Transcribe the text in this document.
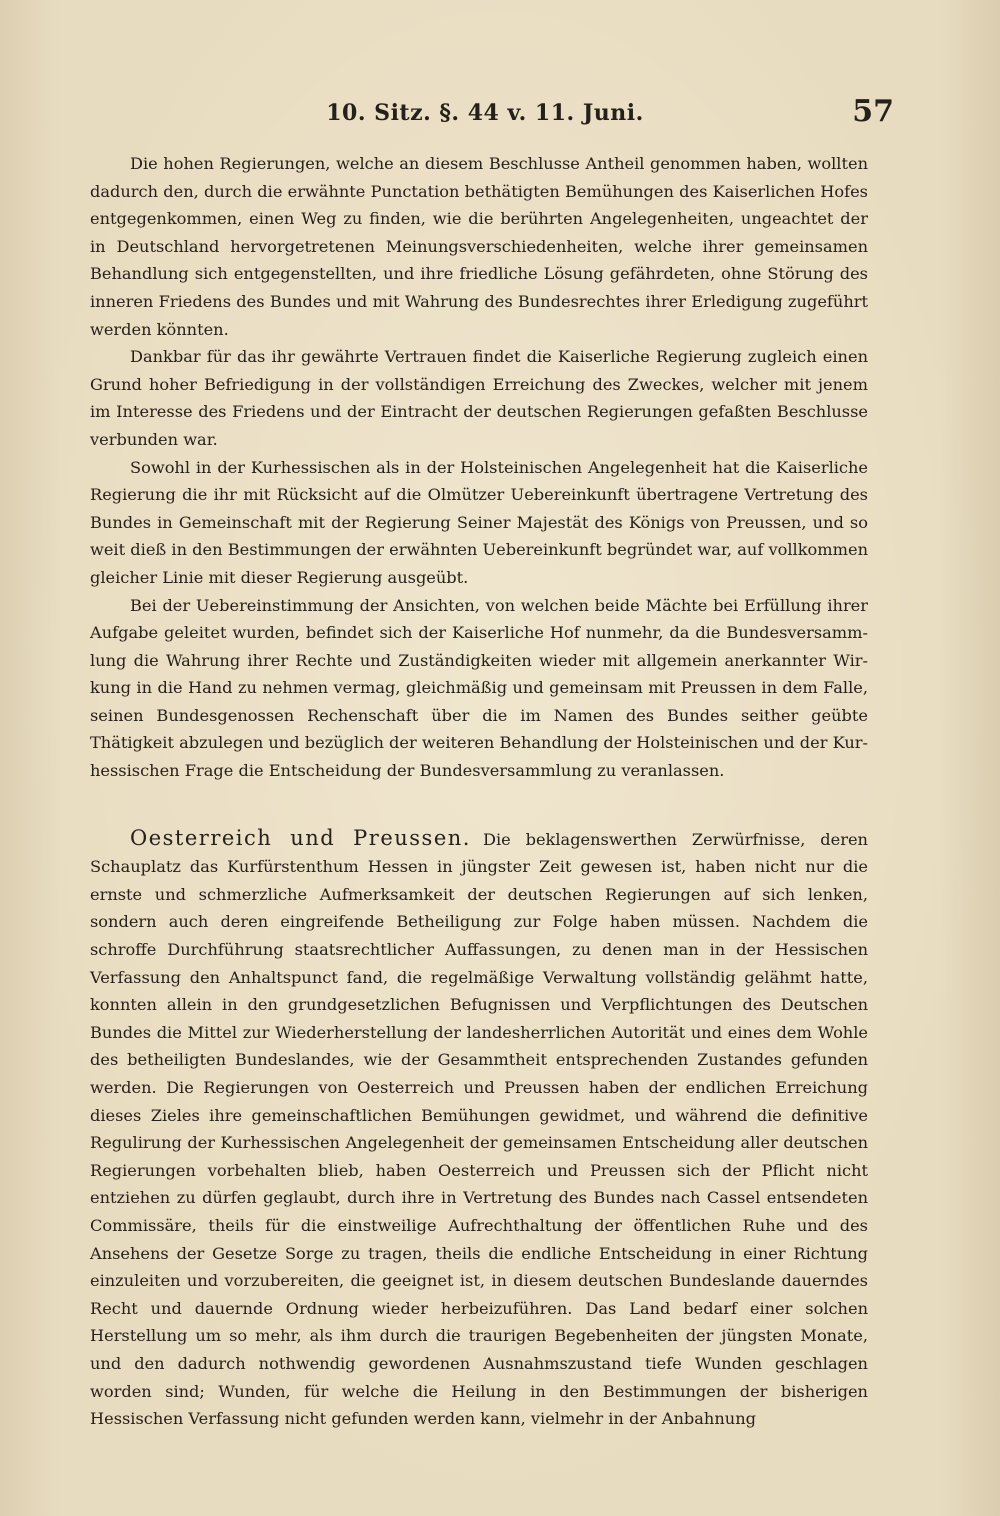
10. Sitz. §. 44 v. 11. Juni.	57

Die hohen Regierungen, welche an diesem Beschlusse Antheil genommen haben, wollten dadurch den, durch die erwähnte Punctation bethätigten Bemühungen des Kaiserlichen Hofes entgegenkommen, einen Weg zu finden, wie die berührten Angelegenheiten, ungeachtet der in Deutschland hervorgetretenen Meinungsverschiedenheiten, welche ihrer gemeinsamen Behandlung sich entgegenstellten, und ihre friedliche Lösung gefährdeten, ohne Störung des inneren Friedens des Bundes und mit Wahrung des Bundesrechtes ihrer Erledigung zugeführt werden könnten.

Dankbar für das ihr gewährte Vertrauen findet die Kaiserliche Regierung zugleich einen Grund hoher Befriedigung in der vollständigen Erreichung des Zweckes, welcher mit jenem im Interesse des Friedens und der Eintracht der deutschen Regierungen gefaßten Beschlusse verbunden war.

Sowohl in der Kurhessischen als in der Holsteinischen Angelegenheit hat die Kaiserliche Regierung die ihr mit Rücksicht auf die Olmützer Uebereinkunft übertragene Vertretung des Bundes in Gemeinschaft mit der Regierung Seiner Majestät des Königs von Preussen, und so weit dieß in den Bestimmungen der erwähnten Uebereinkunft begründet war, auf vollkommen gleicher Linie mit dieser Regierung ausgeübt.

Bei der Uebereinstimmung der Ansichten, von welchen beide Mächte bei Erfüllung ihrer Aufgabe geleitet wurden, befindet sich der Kaiserliche Hof nunmehr, da die Bundesversammlung die Wahrung ihrer Rechte und Zuständigkeiten wieder mit allgemein anerkannter Wirkung in die Hand zu nehmen vermag, gleichmäßig und gemeinsam mit Preussen in dem Falle, seinen Bundesgenossen Rechenschaft über die im Namen des Bundes seither geübte Thätigkeit abzulegen und bezüglich der weiteren Behandlung der Holsteinischen und der Kurhessischen Frage die Entscheidung der Bundesversammlung zu veranlassen.

Oesterreich und Preussen. Die beklagenswerthen Zerwürfnisse, deren Schauplatz das Kurfürstenthum Hessen in jüngster Zeit gewesen ist, haben nicht nur die ernste und schmerzliche Aufmerksamkeit der deutschen Regierungen auf sich lenken, sondern auch deren eingreifende Betheiligung zur Folge haben müssen. Nachdem die schroffe Durchführung staatsrechtlicher Auffassungen, zu denen man in der Hessischen Verfassung den Anhaltspunct fand, die regelmäßige Verwaltung vollständig gelähmt hatte, konnten allein in den grundgesetzlichen Befugnissen und Verpflichtungen des Deutschen Bundes die Mittel zur Wiederherstellung der landesherrlichen Autorität und eines dem Wohle des betheiligten Bundeslandes, wie der Gesammtheit entsprechenden Zustandes gefunden werden. Die Regierungen von Oesterreich und Preussen haben der endlichen Erreichung dieses Zieles ihre gemeinschaftlichen Bemühungen gewidmet, und während die definitive Regulirung der Kurhessischen Angelegenheit der gemeinsamen Entscheidung aller deutschen Regierungen vorbehalten blieb, haben Oesterreich und Preussen sich der Pflicht nicht entziehen zu dürfen geglaubt, durch ihre in Vertretung des Bundes nach Cassel entsendeten Commissäre, theils für die einstweilige Aufrechthaltung der öffentlichen Ruhe und des Ansehens der Gesetze Sorge zu tragen, theils die endliche Entscheidung in einer Richtung einzuleiten und vorzubereiten, die geeignet ist, in diesem deutschen Bundeslande dauerndes Recht und dauernde Ordnung wieder herbeizuführen. Das Land bedarf einer solchen Herstellung um so mehr, als ihm durch die traurigen Begebenheiten der jüngsten Monate, und den dadurch nothwendig gewordenen Ausnahmszustand tiefe Wunden geschlagen worden sind; Wunden, für welche die Heilung in den Bestimmungen der bisherigen Hessischen Verfassung nicht gefunden werden kann, vielmehr in der Anbahnung
